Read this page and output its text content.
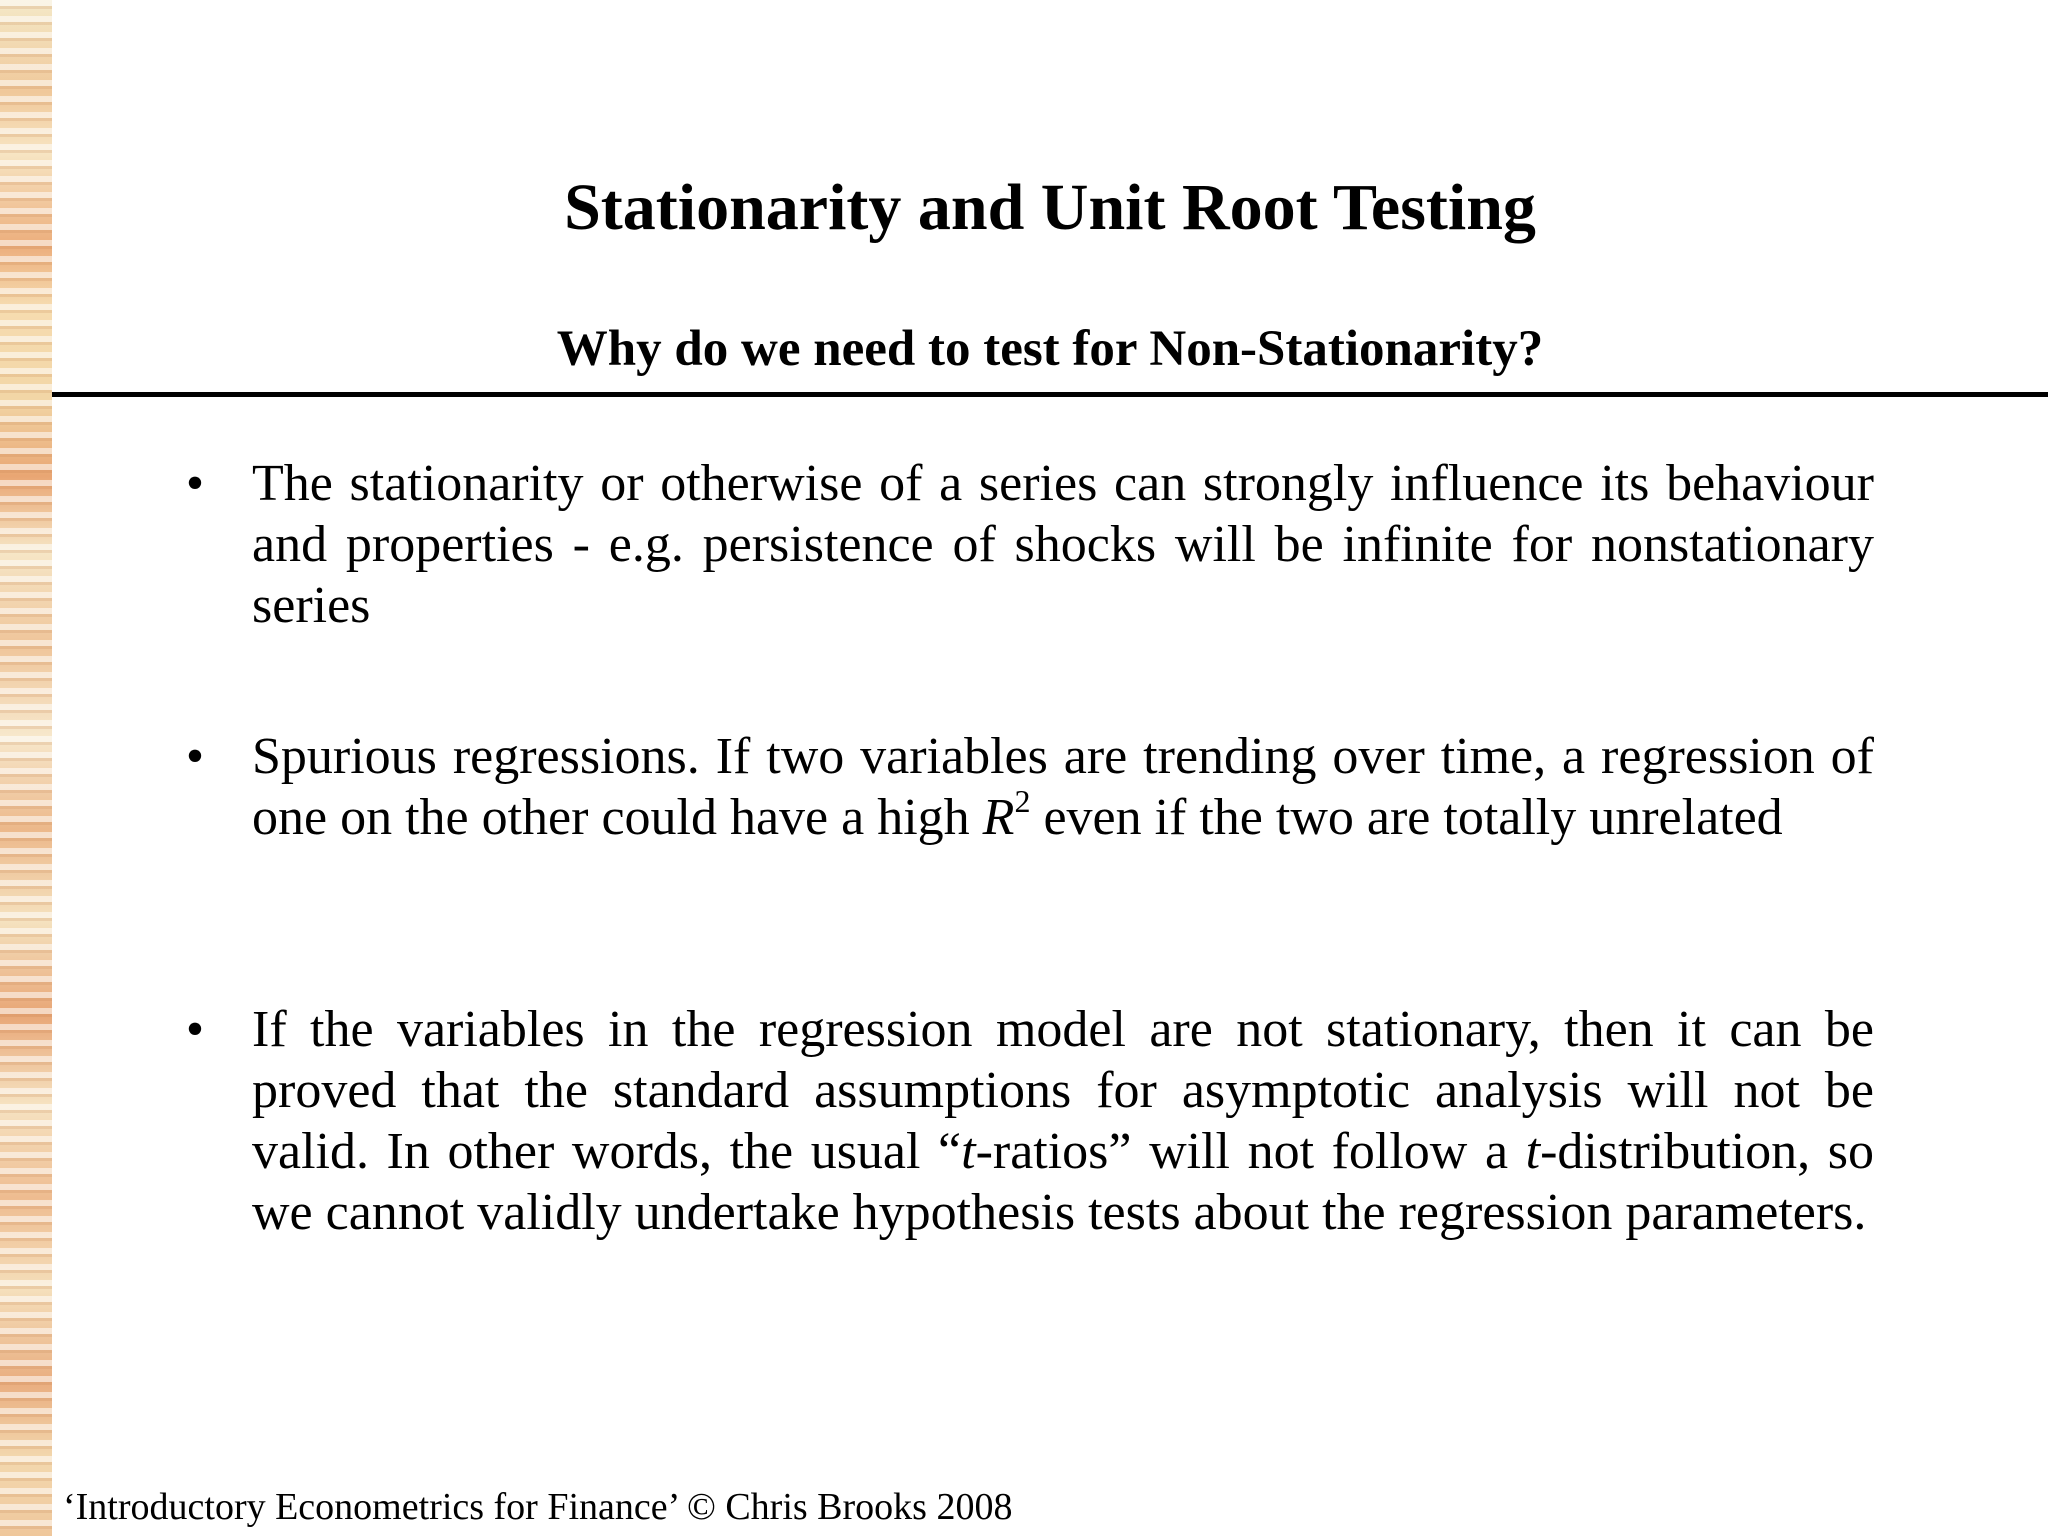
Stationarity and Unit Root Testing
Why do we need to test for Non-Stationarity?
• The stationarity or otherwise of a series can strongly influence its behaviour and properties - e.g. persistence of shocks will be infinite for nonstationary series
• Spurious regressions. If two variables are trending over time, a regression of one on the other could have a high $R^2$ even if the two are totally unrelated
• If the variables in the regression model are not stationary, then it can be proved that the standard assumptions for asymptotic analysis will not be valid. In other words, the usual “t-ratios” will not follow a t-distribution, so we cannot validly undertake hypothesis tests about the regression parameters.
‘Introductory Econometrics for Finance’ © Chris Brooks 2008
